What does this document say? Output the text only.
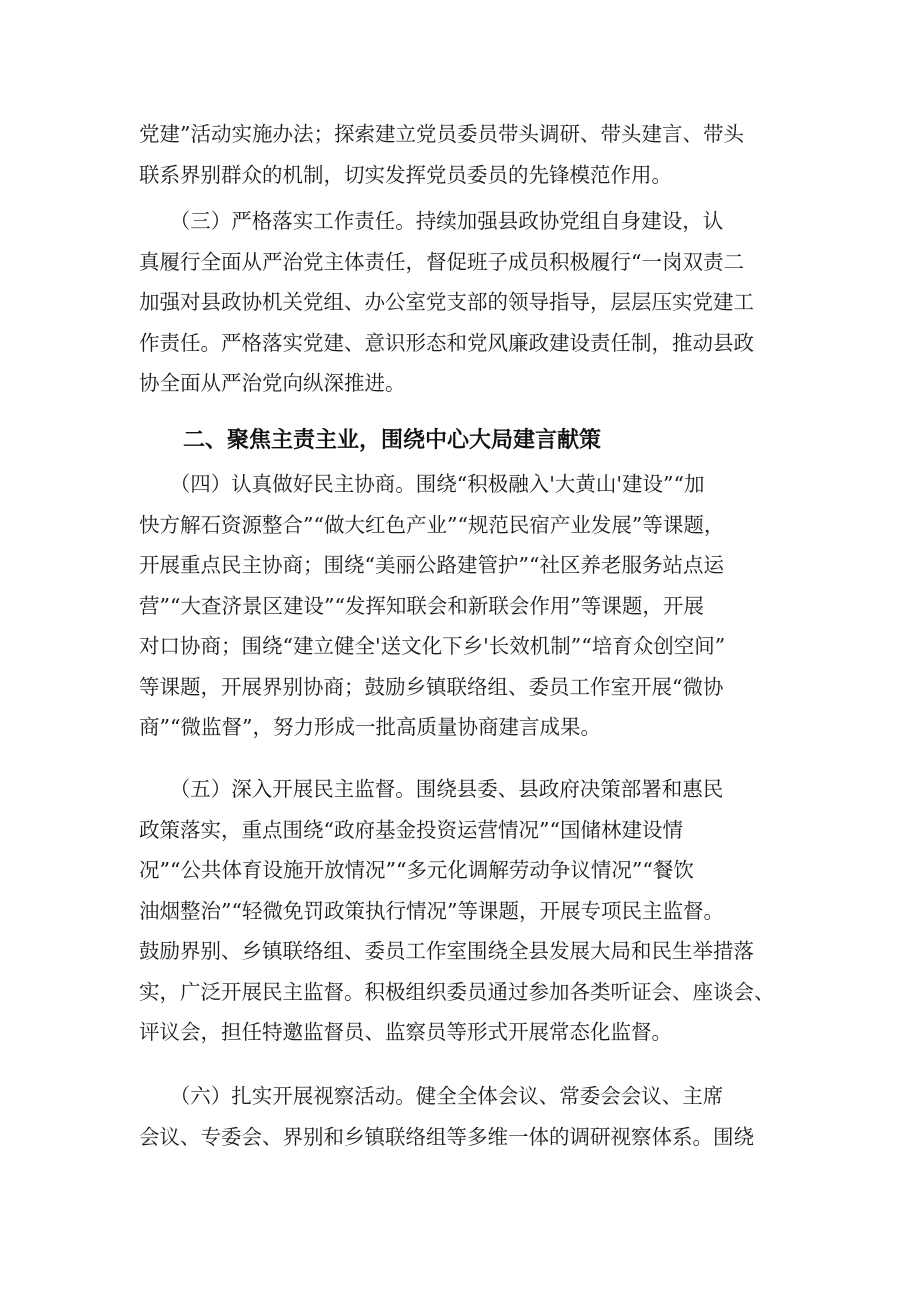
党建”活动实施办法；探索建立党员委员带头调研、带头建言、带头
联系界别群众的机制，切实发挥党员委员的先锋模范作用。
　　（三）严格落实工作责任。持续加强县政协党组自身建设，认
真履行全面从严治党主体责任，督促班子成员积极履行“一岗双责二
加强对县政协机关党组、办公室党支部的领导指导，层层压实党建工
作责任。严格落实党建、意识形态和党风廉政建设责任制，推动县政
协全面从严治党向纵深推进。
二、聚焦主责主业，围绕中心大局建言献策
　　（四）认真做好民主协商。围绕“积极融入'大黄山'建设”“加
快方解石资源整合”“做大红色产业”“规范民宿产业发展”等课题，
开展重点民主协商；围绕“美丽公路建管护”“社区养老服务站点运
营”“大查济景区建设”“发挥知联会和新联会作用”等课题，开展
对口协商；围绕“建立健全'送文化下乡'长效机制”“培育众创空间”
等课题，开展界别协商；鼓励乡镇联络组、委员工作室开展“微协
商”“微监督”，努力形成一批高质量协商建言成果。
　　（五）深入开展民主监督。围绕县委、县政府决策部署和惠民
政策落实，重点围绕“政府基金投资运营情况”“国储林建设情
况”“公共体育设施开放情况”“多元化调解劳动争议情况”“餐饮
油烟整治”“轻微免罚政策执行情况”等课题，开展专项民主监督。
鼓励界别、乡镇联络组、委员工作室围绕全县发展大局和民生举措落
实，广泛开展民主监督。积极组织委员通过参加各类听证会、座谈会、
评议会，担任特邀监督员、监察员等形式开展常态化监督。
　　（六）扎实开展视察活动。健全全体会议、常委会会议、主席
会议、专委会、界别和乡镇联络组等多维一体的调研视察体系。围绕
